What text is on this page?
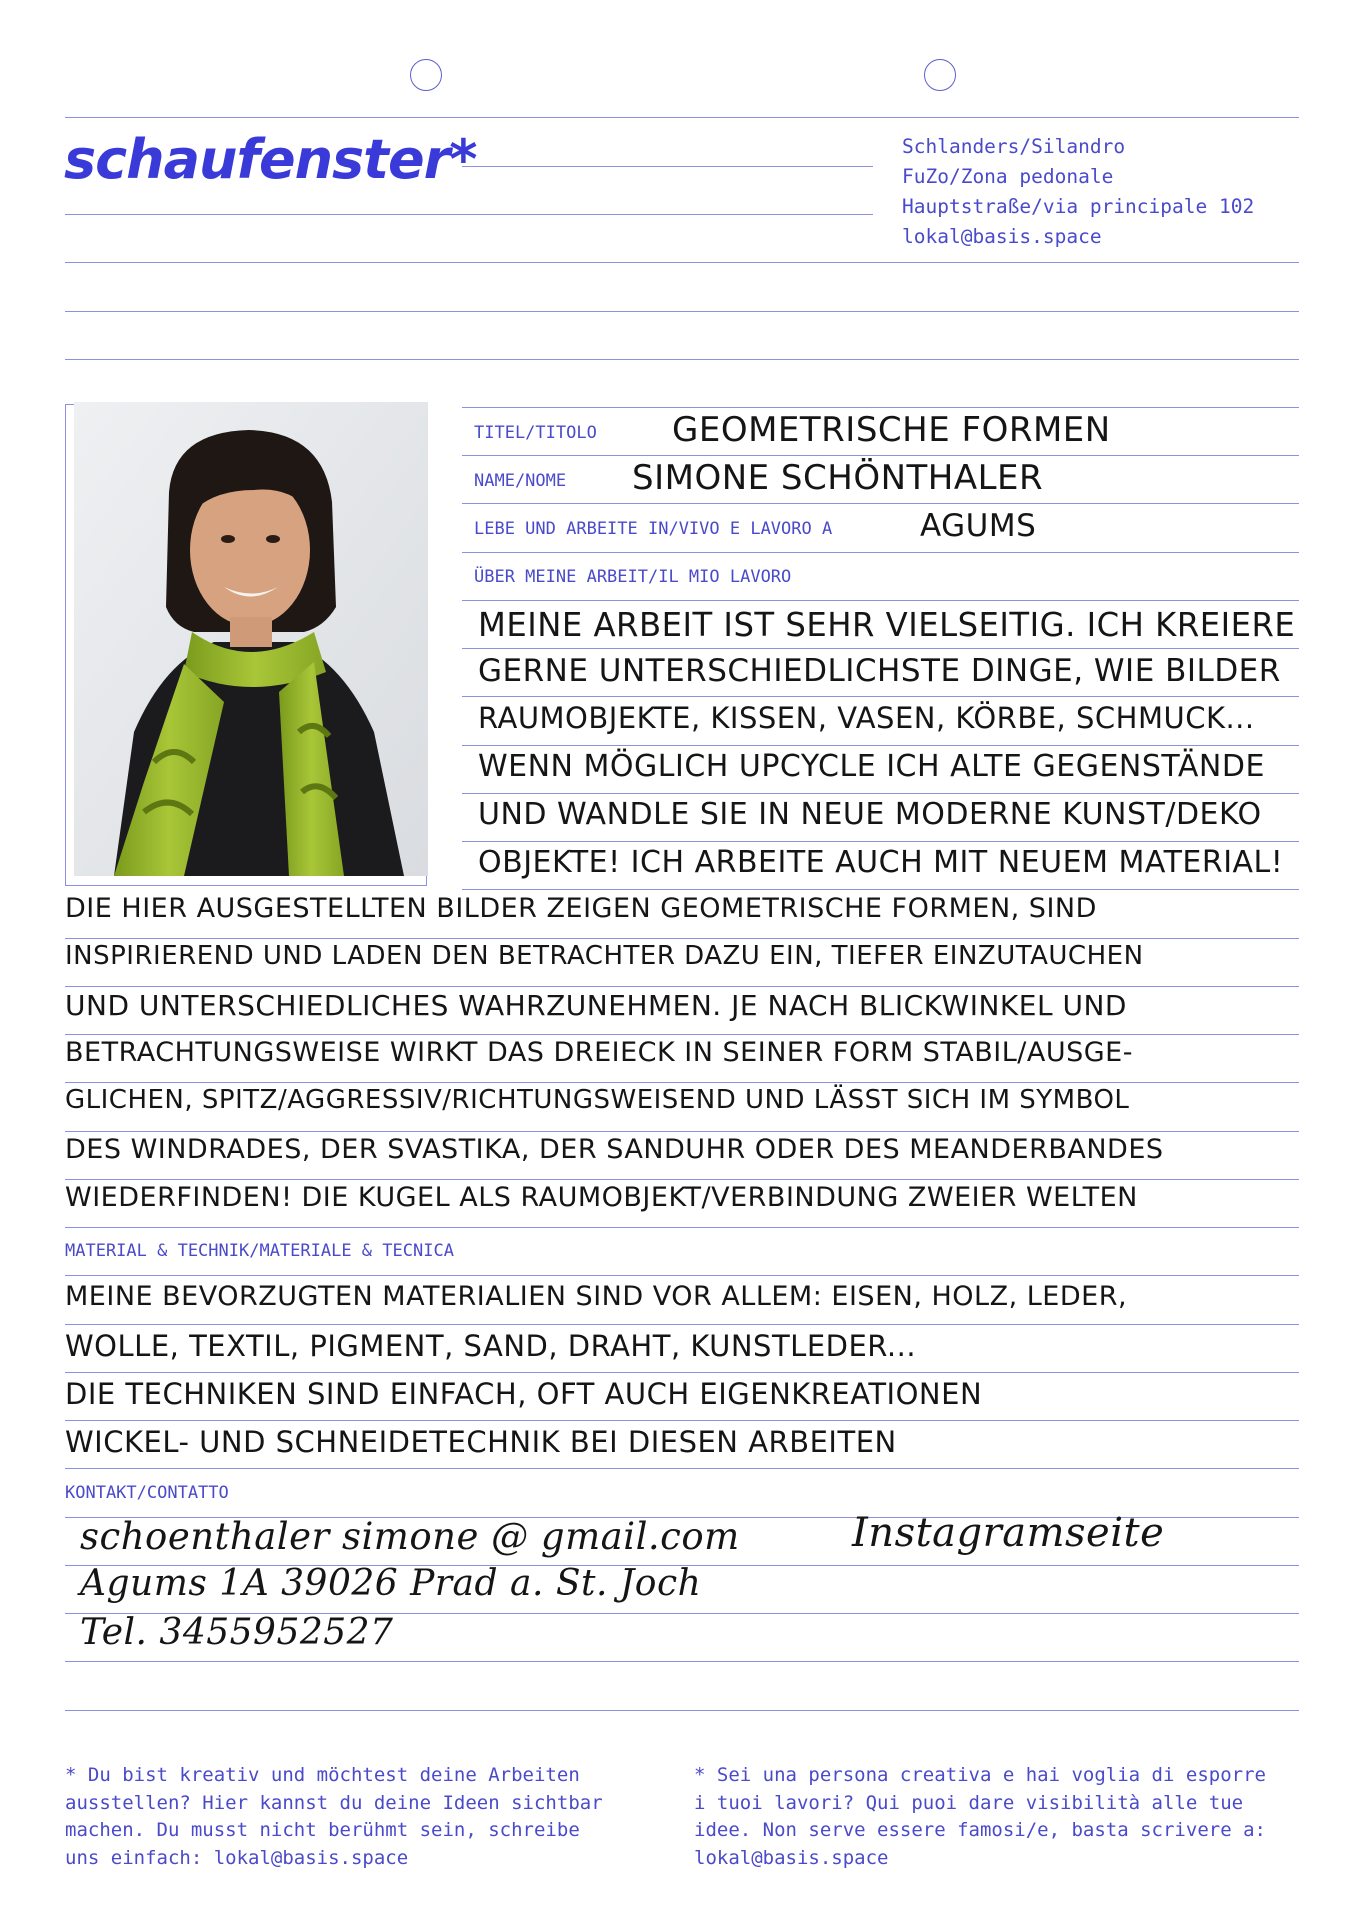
schaufenster*	Schlanders/Silandro
FuZo/Zona pedonale
Hauptstraße/via principale 102
lokal@basis.space
TITEL/TITOLO
NAME/NOME
LEBE UND ARBEITE IN/VIVO E LAVORO A
ÜBER MEINE ARBEIT/IL MIO LAVORO
MATERIAL & TECHNIK/MATERIALE & TECNICA
KONTAKT/CONTATTO
GEOMETRISCHE FORMEN
SIMONE SCHÖNTHALER
AGUMS
MEINE ARBEIT IST SEHR VIELSEITIG. ICH KREIERE
GERNE UNTERSCHIEDLICHSTE DINGE, WIE BILDER
RAUMOBJEKTE, KISSEN, VASEN, KÖRBE, SCHMUCK...
WENN MÖGLICH UPCYCLE ICH ALTE GEGENSTÄNDE
UND WANDLE SIE IN NEUE MODERNE KUNST/DEKO
OBJEKTE! ICH ARBEITE AUCH MIT NEUEM MATERIAL!
DIE HIER AUSGESTELLTEN BILDER ZEIGEN GEOMETRISCHE FORMEN, SIND
INSPIRIEREND UND LADEN DEN BETRACHTER DAZU EIN, TIEFER EINZUTAUCHEN
UND UNTERSCHIEDLICHES WAHRZUNEHMEN. JE NACH BLICKWINKEL UND
BETRACHTUNGSWEISE WIRKT DAS DREIECK IN SEINER FORM STABIL/AUSGE-
GLICHEN, SPITZ/AGGRESSIV/RICHTUNGSWEISEND UND LÄSST SICH IM SYMBOL
DES WINDRADES, DER SVASTIKA, DER SANDUHR ODER DES MEANDERBANDES
WIEDERFINDEN! DIE KUGEL ALS RAUMOBJEKT/VERBINDUNG ZWEIER WELTEN
MEINE BEVORZUGTEN MATERIALIEN SIND VOR ALLEM: EISEN, HOLZ, LEDER,
WOLLE, TEXTIL, PIGMENT, SAND, DRAHT, KUNSTLEDER...
DIE TECHNIKEN SIND EINFACH, OFT AUCH EIGENKREATIONEN
WICKEL- UND SCHNEIDETECHNIK BEI DIESEN ARBEITEN
schoenthaler simone @ gmail.com	Instagramseite
Agums 1A 39026 Prad a. St. Joch
Tel. 3455952527
* Du bist kreativ und möchtest deine Arbeiten
ausstellen? Hier kannst du deine Ideen sichtbar
machen. Du musst nicht berühmt sein, schreibe
uns einfach: lokal@basis.space
* Sei una persona creativa e hai voglia di esporre
i tuoi lavori? Qui puoi dare visibilità alle tue
idee. Non serve essere famosi/e, basta scrivere a:
lokal@basis.space
